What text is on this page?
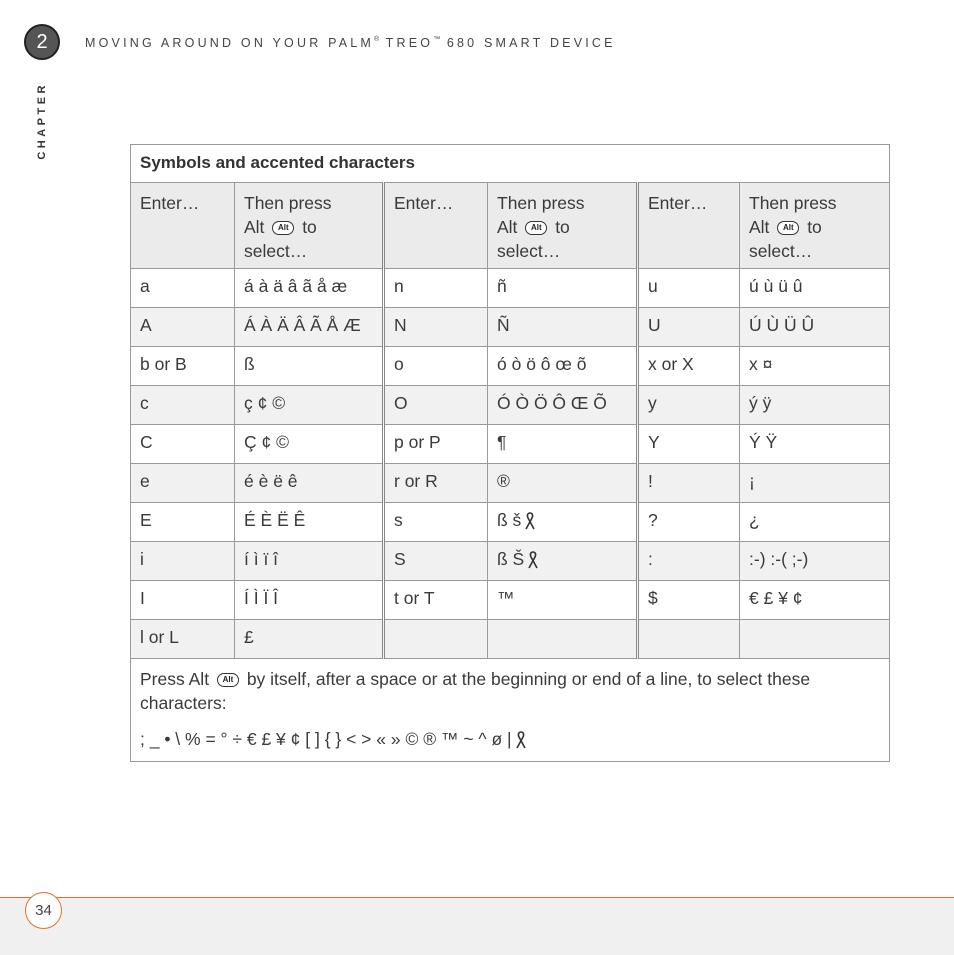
2	MOVING AROUND ON YOUR PALM® TREO™ 680 SMART DEVICE
CHAPTER
Symbols and accented characters					
Enter…	Then press
Alt Alt to
select…	Enter…	Then press
Alt Alt to
select…	Enter…	Then press
Alt Alt to
select…
a	á à ä â ã å æ	n	ñ	u	ú ù ü û
A	Á À Ä Â Ã Å Æ	N	Ñ	U	Ú Ù Ü Û
b or B	ß	o	ó ò ö ô œ õ	x or X	x ¤
c	ç ¢ ©	O	Ó Ò Ö Ô Œ Õ	y	ý ÿ
C	Ç ¢ ©	p or P	¶	Y	Ý Ÿ
e	é è ë ê	r or R	®	!	¡
E	É È Ë Ê	s	ß š	?	¿
i	í ì ï î	S	ß Š	:	:-) :-( ;-)
I	Í Ì Ï Î	t or T	™	$	€ £ ¥ ¢
l or L	£				

Press Alt Alt by itself, after a space or at the beginning or end of a line, to select these characters:
; _ • \ % = ° ÷ € £ ¥ ¢ [ ] { } < > « » © ® ™ ~ ^ ø |					
34
